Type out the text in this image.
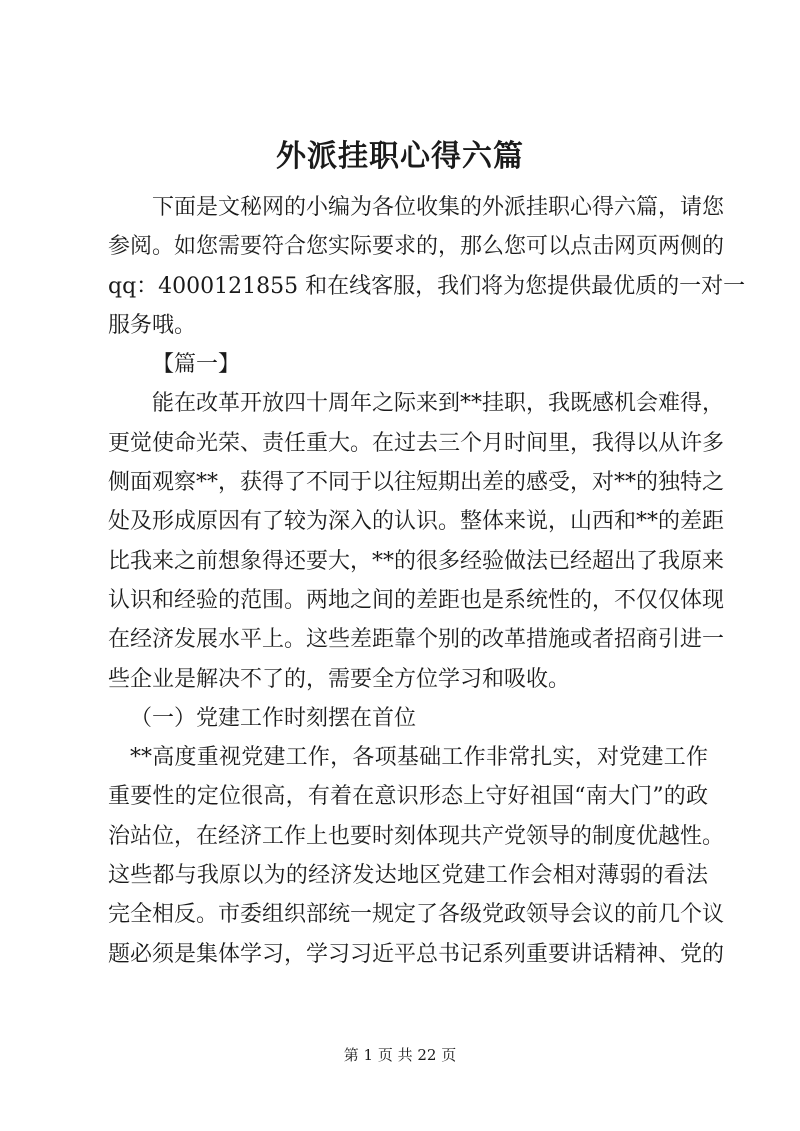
外派挂职心得六篇
下面是文秘网的小编为各位收集的外派挂职心得六篇，请您
参阅。如您需要符合您实际要求的，那么您可以点击网页两侧的
qq：4000121855 和在线客服，我们将为您提供最优质的一对一
服务哦。
【篇一】
能在改革开放四十周年之际来到**挂职，我既感机会难得，
更觉使命光荣、责任重大。在过去三个月时间里，我得以从许多
侧面观察**，获得了不同于以往短期出差的感受，对**的独特之
处及形成原因有了较为深入的认识。整体来说，山西和**的差距
比我来之前想象得还要大，**的很多经验做法已经超出了我原来
认识和经验的范围。两地之间的差距也是系统性的，不仅仅体现
在经济发展水平上。这些差距靠个别的改革措施或者招商引进一
些企业是解决不了的，需要全方位学习和吸收。
（一）党建工作时刻摆在首位
**高度重视党建工作，各项基础工作非常扎实，对党建工作
重要性的定位很高，有着在意识形态上守好祖国“南大门”的政
治站位，在经济工作上也要时刻体现共产党领导的制度优越性。
这些都与我原以为的经济发达地区党建工作会相对薄弱的看法
完全相反。市委组织部统一规定了各级党政领导会议的前几个议
题必须是集体学习，学习习近平总书记系列重要讲话精神、党的
第 1 页 共 22 页
